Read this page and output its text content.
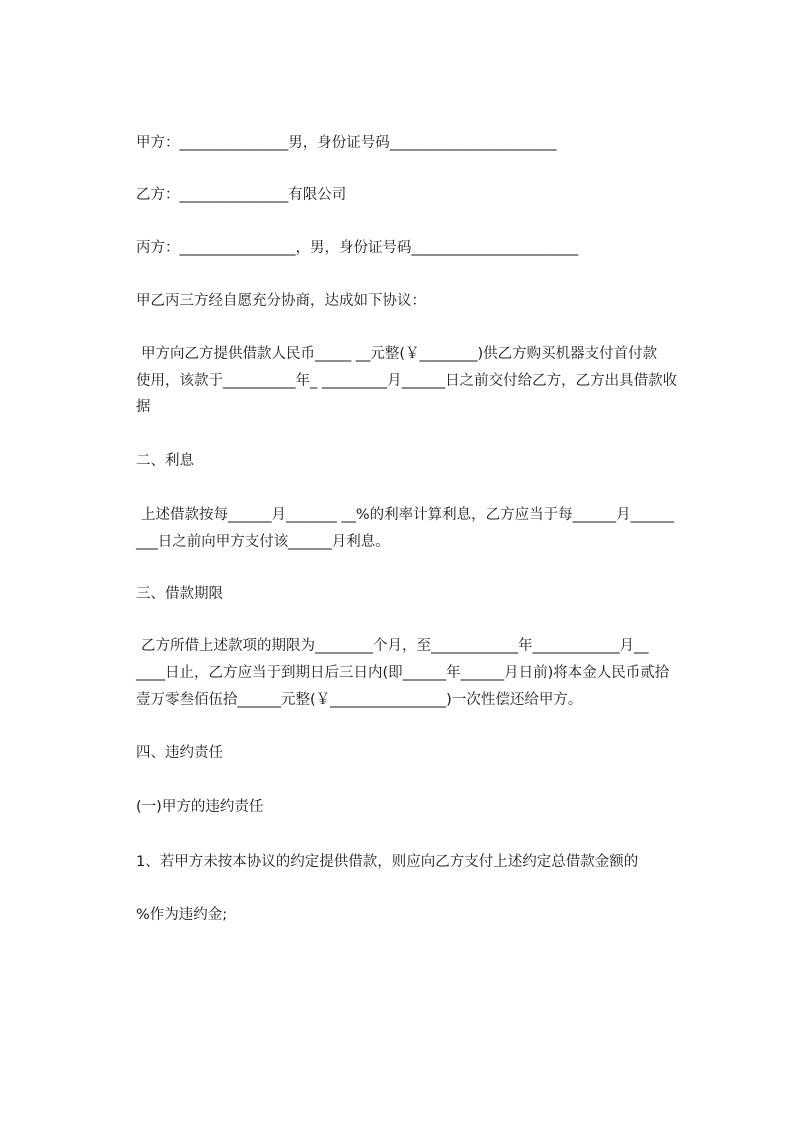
甲方：_______________男，身份证号码_______________________
乙方：_______________有限公司
丙方：________________，男，身份证号码_______________________
甲乙丙三方经自愿充分协商，达成如下协议：
甲方向乙方提供借款人民币_____ __元整(￥________)供乙方购买机器支付首付款
使用，该款于__________年_ _________月______日之前交付给乙方，乙方出具借款收
据
二、利息
上述借款按每______月_______ __%的利率计算利息，乙方应当于每______月______
___日之前向甲方支付该______月利息。
三、借款期限
乙方所借上述款项的期限为________个月，至____________年____________月__
____日止，乙方应当于到期日后三日内(即______年______月日前)将本金人民币贰拾
壹万零叁佰伍拾______元整(￥________________)一次性偿还给甲方。
四、违约责任
(一)甲方的违约责任
1、若甲方未按本协议的约定提供借款，则应向乙方支付上述约定总借款金额的
%作为违约金;
